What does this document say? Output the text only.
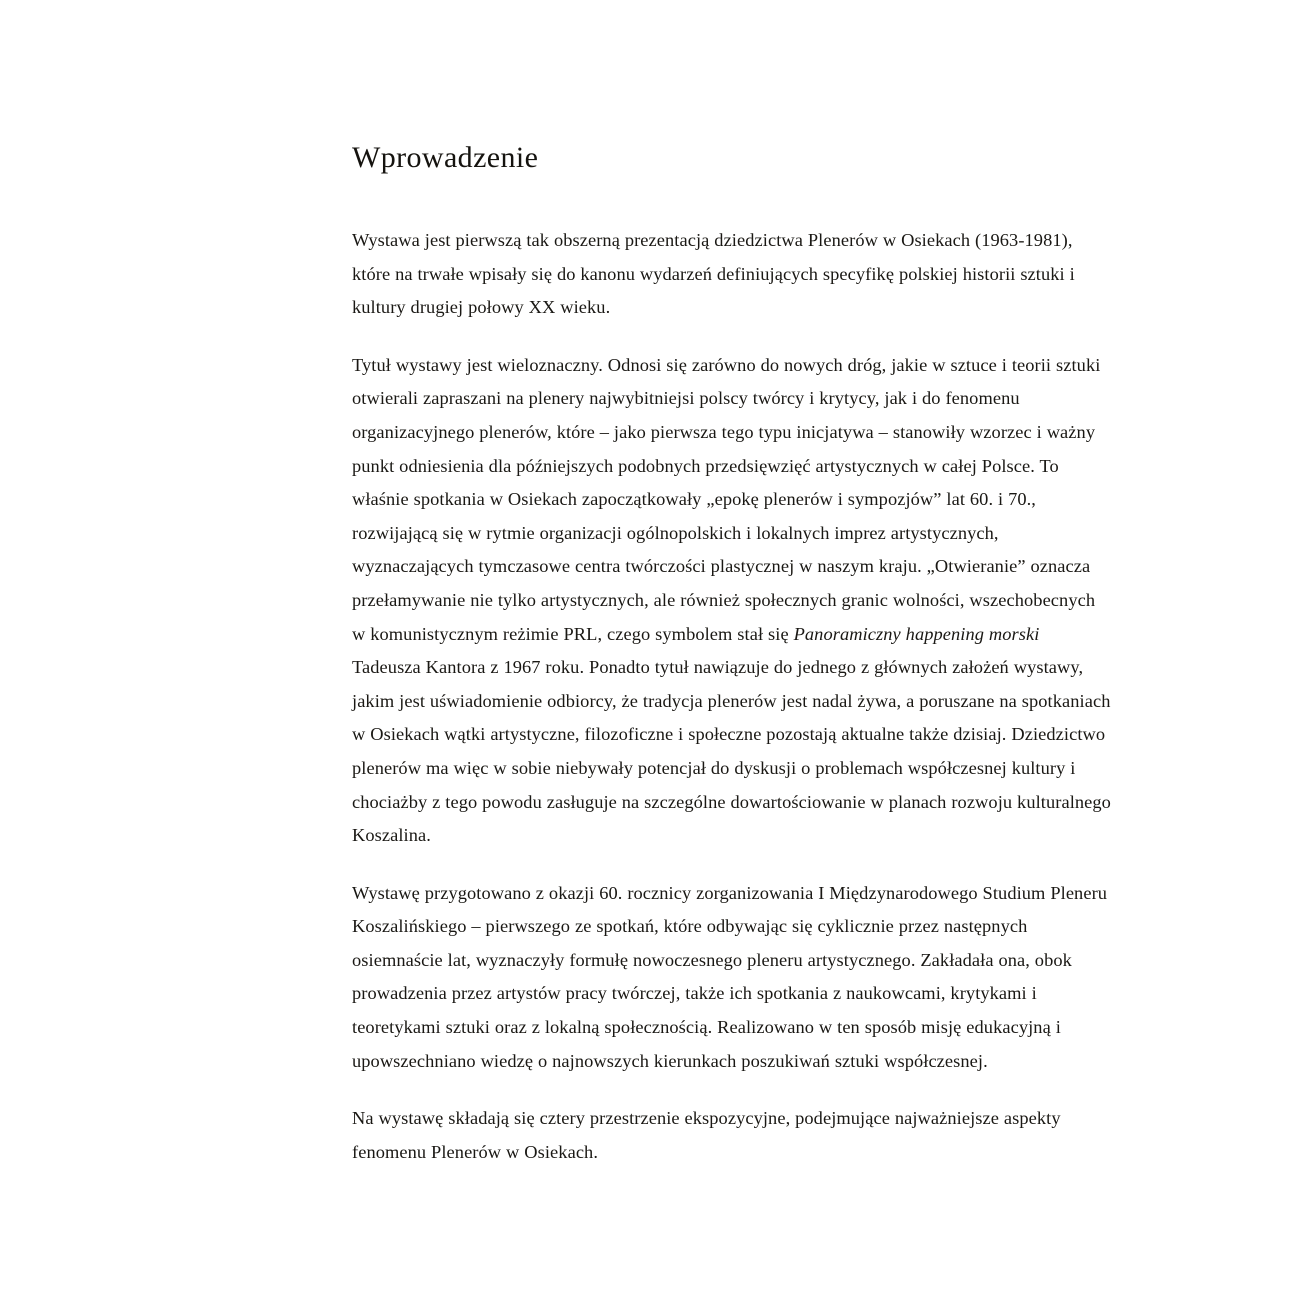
Wprowadzenie

Wystawa jest pierwszą tak obszerną prezentacją dziedzictwa Plenerów w Osiekach (1963-1981), które na trwałe wpisały się do kanonu wydarzeń definiujących specyfikę polskiej historii sztuki i kultury drugiej połowy XX wieku.

Tytuł wystawy jest wieloznaczny. Odnosi się zarówno do nowych dróg, jakie w sztuce i teorii sztuki otwierali zapraszani na plenery najwybitniejsi polscy twórcy i krytycy, jak i do fenomenu organizacyjnego plenerów, które – jako pierwsza tego typu inicjatywa – stanowiły wzorzec i ważny punkt odniesienia dla późniejszych podobnych przedsięwzięć artystycznych w całej Polsce. To właśnie spotkania w Osiekach zapoczątkowały „epokę plenerów i sympozjów” lat 60. i 70., rozwijającą się w rytmie organizacji ogólnopolskich i lokalnych imprez artystycznych, wyznaczających tymczasowe centra twórczości plastycznej w naszym kraju. „Otwieranie” oznacza przełamywanie nie tylko artystycznych, ale również społecznych granic wolności, wszechobecnych w komunistycznym reżimie PRL, czego symbolem stał się Panoramiczny happening morski Tadeusza Kantora z 1967 roku. Ponadto tytuł nawiązuje do jednego z głównych założeń wystawy, jakim jest uświadomienie odbiorcy, że tradycja plenerów jest nadal żywa, a poruszane na spotkaniach w Osiekach wątki artystyczne, filozoficzne i społeczne pozostają aktualne także dzisiaj. Dziedzictwo plenerów ma więc w sobie niebywały potencjał do dyskusji o problemach współczesnej kultury i chociażby z tego powodu zasługuje na szczególne dowartościowanie w planach rozwoju kulturalnego Koszalina.

Wystawę przygotowano z okazji 60. rocznicy zorganizowania I Międzynarodowego Studium Pleneru Koszalińskiego – pierwszego ze spotkań, które odbywając się cyklicznie przez następnych osiemnaście lat, wyznaczyły formułę nowoczesnego pleneru artystycznego. Zakładała ona, obok prowadzenia przez artystów pracy twórczej, także ich spotkania z naukowcami, krytykami i teoretykami sztuki oraz z lokalną społecznością. Realizowano w ten sposób misję edukacyjną i upowszechniano wiedzę o najnowszych kierunkach poszukiwań sztuki współczesnej.

Na wystawę składają się cztery przestrzenie ekspozycyjne, podejmujące najważniejsze aspekty fenomenu Plenerów w Osiekach.
